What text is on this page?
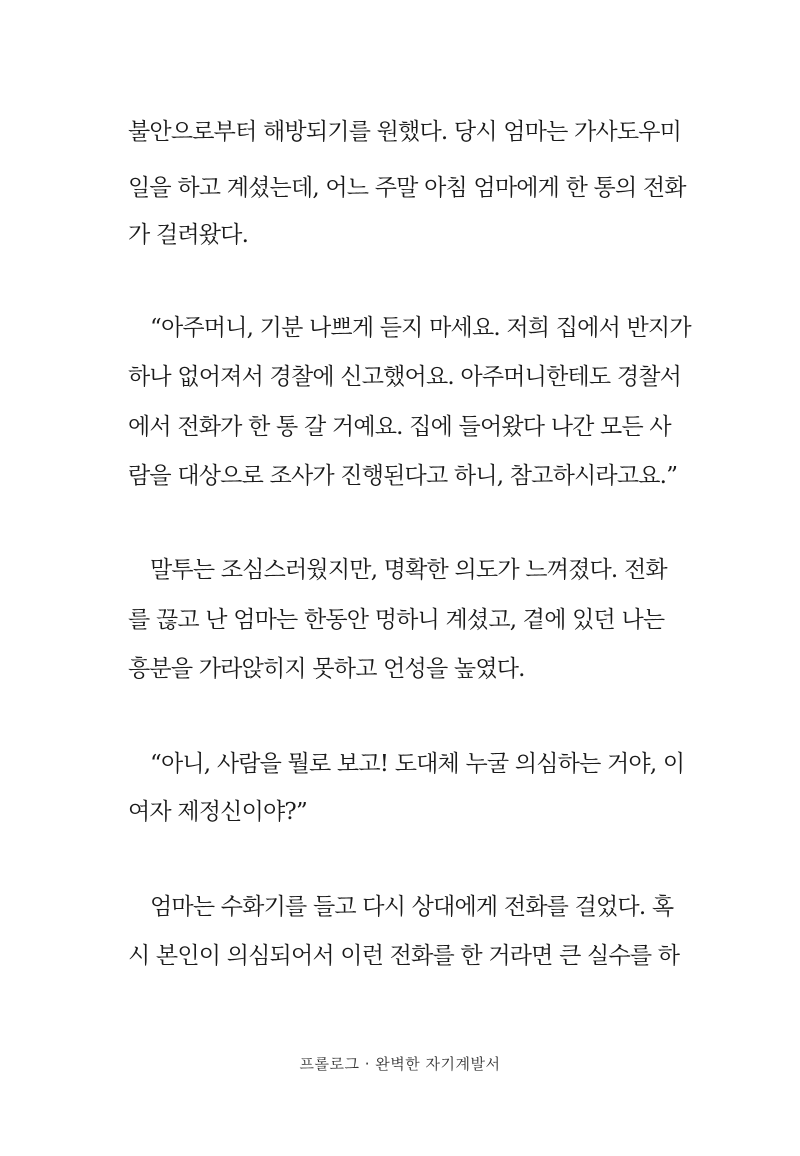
불안으로부터 해방되기를 원했다. 당시 엄마는 가사도우미
일을 하고 계셨는데, 어느 주말 아침 엄마에게 한 통의 전화
가 걸려왔다.
“아주머니, 기분 나쁘게 듣지 마세요. 저희 집에서 반지가
하나 없어져서 경찰에 신고했어요. 아주머니한테도 경찰서
에서 전화가 한 통 갈 거예요. 집에 들어왔다 나간 모든 사
람을 대상으로 조사가 진행된다고 하니, 참고하시라고요.”
말투는 조심스러웠지만, 명확한 의도가 느껴졌다. 전화
를 끊고 난 엄마는 한동안 멍하니 계셨고, 곁에 있던 나는
흥분을 가라앉히지 못하고 언성을 높였다.
“아니, 사람을 뭘로 보고! 도대체 누굴 의심하는 거야, 이
여자 제정신이야?”
엄마는 수화기를 들고 다시 상대에게 전화를 걸었다. 혹
시 본인이 의심되어서 이런 전화를 한 거라면 큰 실수를 하
프롤로그 · 완벽한 자기계발서
